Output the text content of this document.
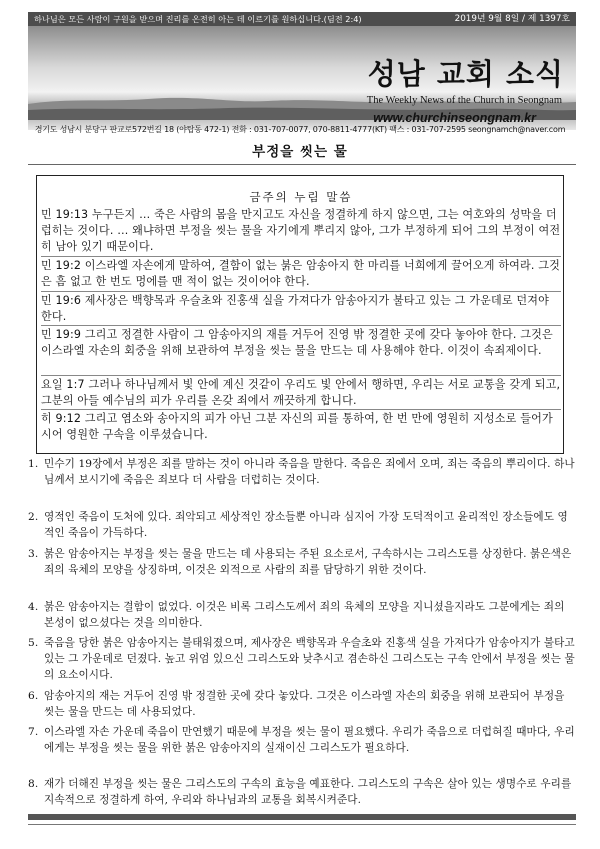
하나님은 모든 사람이 구원을 받으며 진리를 온전히 아는 데 이르기를 원하십니다.(딤전 2:4)	2019년 9월 8일 / 제 1397호
성남 교회 소식
The Weekly News of the Church in Seongnam
www.churchinseongnam.kr
경기도 성남시 분당구 판교로572번길 18 (야탑동 472-1) 전화 : 031-707-0077, 070-8811-4777(KT) 팩스 : 031-707-2595 seongnamch@naver.com
부정을 씻는 물
금주의 누림 말씀
민 19:13 누구든지 … 죽은 사람의 몸을 만지고도 자신을 정결하게 하지 않으면, 그는 여호와의 성막을 더럽히는 것이다. … 왜냐하면 부정을 씻는 물을 자기에게 뿌리지 않아, 그가 부정하게 되어 그의 부정이 여전히 남아 있기 때문이다.
민 19:2 이스라엘 자손에게 말하여, 결함이 없는 붉은 암송아지 한 마리를 너희에게 끌어오게 하여라. 그것은 흠 없고 한 번도 멍에를 맨 적이 없는 것이어야 한다.
민 19:6 제사장은 백향목과 우슬초와 진홍색 실을 가져다가 암송아지가 불타고 있는 그 가운데로 던져야 한다.
민 19:9 그리고 정결한 사람이 그 암송아지의 재를 거두어 진영 밖 정결한 곳에 갖다 놓아야 한다. 그것은 이스라엘 자손의 회중을 위해 보관하여 부정을 씻는 물을 만드는 데 사용해야 한다. 이것이 속죄제이다.
요일 1:7 그러나 하나님께서 빛 안에 계신 것같이 우리도 빛 안에서 행하면, 우리는 서로 교통을 갖게 되고, 그분의 아들 예수님의 피가 우리를 온갖 죄에서 깨끗하게 합니다.
히 9:12 그리고 염소와 송아지의 피가 아닌 그분 자신의 피를 통하여, 한 번 만에 영원히 지성소로 들어가시어 영원한 구속을 이루셨습니다.
1. 민수기 19장에서 부정은 죄를 말하는 것이 아니라 죽음을 말한다. 죽음은 죄에서 오며, 죄는 죽음의 뿌리이다. 하나님께서 보시기에 죽음은 죄보다 더 사람을 더럽히는 것이다.
2. 영적인 죽음이 도처에 있다. 죄악되고 세상적인 장소들뿐 아니라 심지어 가장 도덕적이고 윤리적인 장소들에도 영적인 죽음이 가득하다.
3. 붉은 암송아지는 부정을 씻는 물을 만드는 데 사용되는 주된 요소로서, 구속하시는 그리스도를 상징한다. 붉은색은 죄의 육체의 모양을 상징하며, 이것은 외적으로 사람의 죄를 담당하기 위한 것이다.
4. 붉은 암송아지는 결함이 없었다. 이것은 비록 그리스도께서 죄의 육체의 모양을 지니셨을지라도 그분에게는 죄의 본성이 없으셨다는 것을 의미한다.
5. 죽음을 당한 붉은 암송아지는 불태워졌으며, 제사장은 백향목과 우슬초와 진홍색 실을 가져다가 암송아지가 불타고 있는 그 가운데로 던졌다. 높고 위엄 있으신 그리스도와 낮추시고 겸손하신 그리스도는 구속 안에서 부정을 씻는 물의 요소이시다.
6. 암송아지의 재는 거두어 진영 밖 정결한 곳에 갖다 놓았다. 그것은 이스라엘 자손의 회중을 위해 보관되어 부정을 씻는 물을 만드는 데 사용되었다.
7. 이스라엘 자손 가운데 죽음이 만연했기 때문에 부정을 씻는 물이 필요했다. 우리가 죽음으로 더럽혀질 때마다, 우리에게는 부정을 씻는 물을 위한 붉은 암송아지의 실재이신 그리스도가 필요하다.
8. 재가 더해진 부정을 씻는 물은 그리스도의 구속의 효능을 예표한다. 그리스도의 구속은 살아 있는 생명수로 우리를 지속적으로 정결하게 하여, 우리와 하나님과의 교통을 회복시켜준다.
